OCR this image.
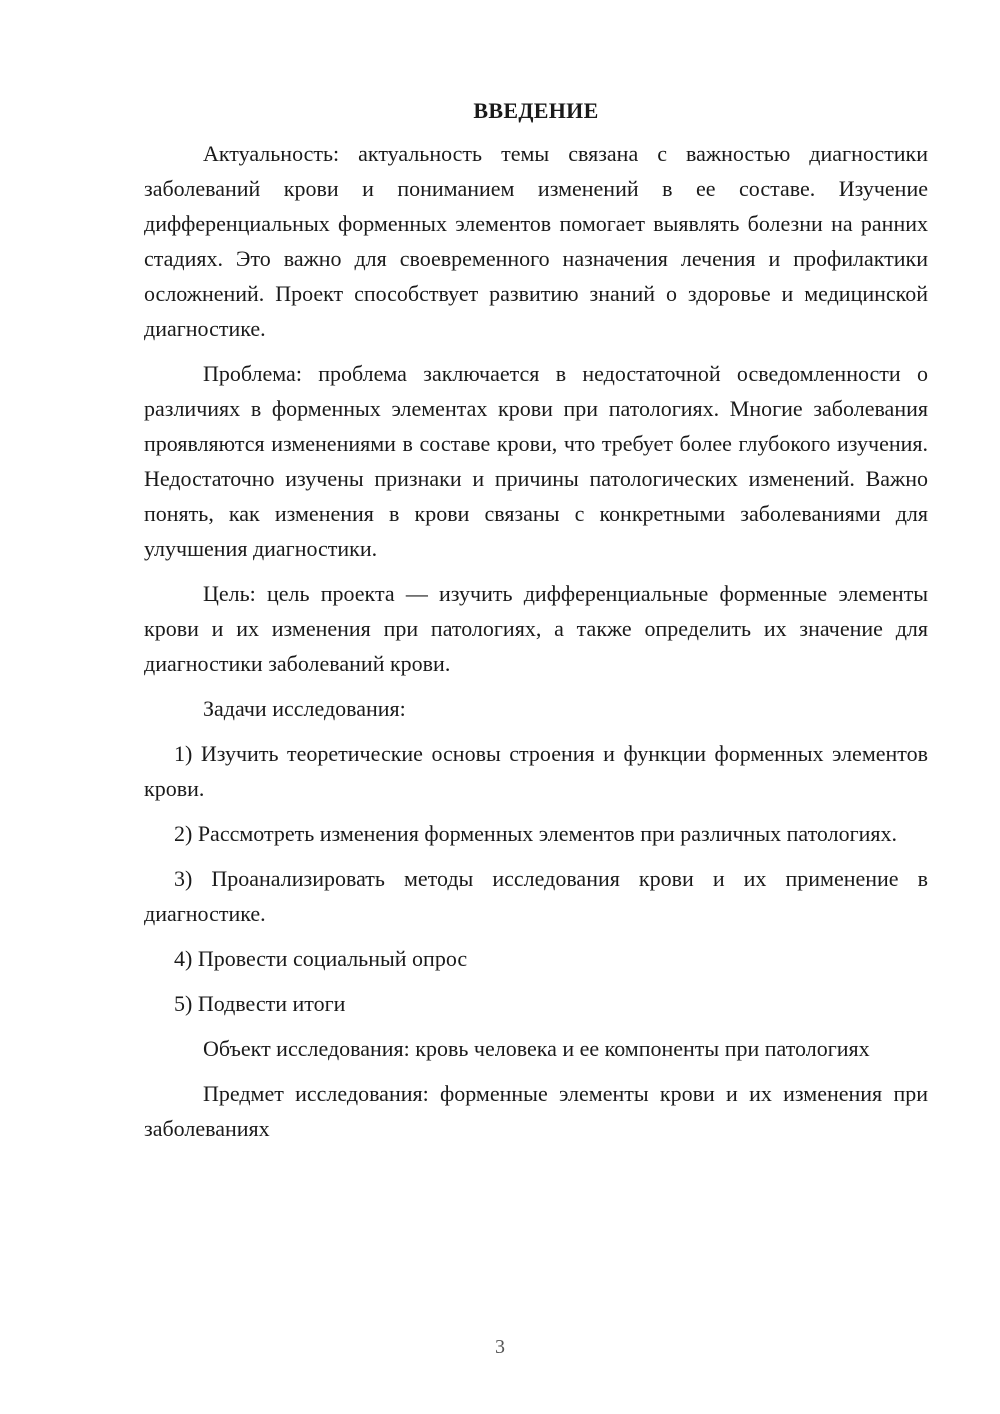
ВВЕДЕНИЕ

Актуальность: актуальность темы связана с важностью диагностики заболеваний крови и пониманием изменений в ее составе. Изучение дифференциальных форменных элементов помогает выявлять болезни на ранних стадиях. Это важно для своевременного назначения лечения и профилактики осложнений. Проект способствует развитию знаний о здоровье и медицинской диагностике.

Проблема: проблема заключается в недостаточной осведомленности о различиях в форменных элементах крови при патологиях. Многие заболевания проявляются изменениями в составе крови, что требует более глубокого изучения. Недостаточно изучены признаки и причины патологических изменений. Важно понять, как изменения в крови связаны с конкретными заболеваниями для улучшения диагностики.

Цель: цель проекта — изучить дифференциальные форменные элементы крови и их изменения при патологиях, а также определить их значение для диагностики заболеваний крови.

Задачи исследования:

1) Изучить теоретические основы строения и функции форменных элементов крови.

2) Рассмотреть изменения форменных элементов при различных патологиях.

3) Проанализировать методы исследования крови и их применение в диагностике.

4) Провести социальный опрос

5) Подвести итоги

Объект исследования: кровь человека и ее компоненты при патологиях

Предмет исследования: форменные элементы крови и их изменения при заболеваниях

3
